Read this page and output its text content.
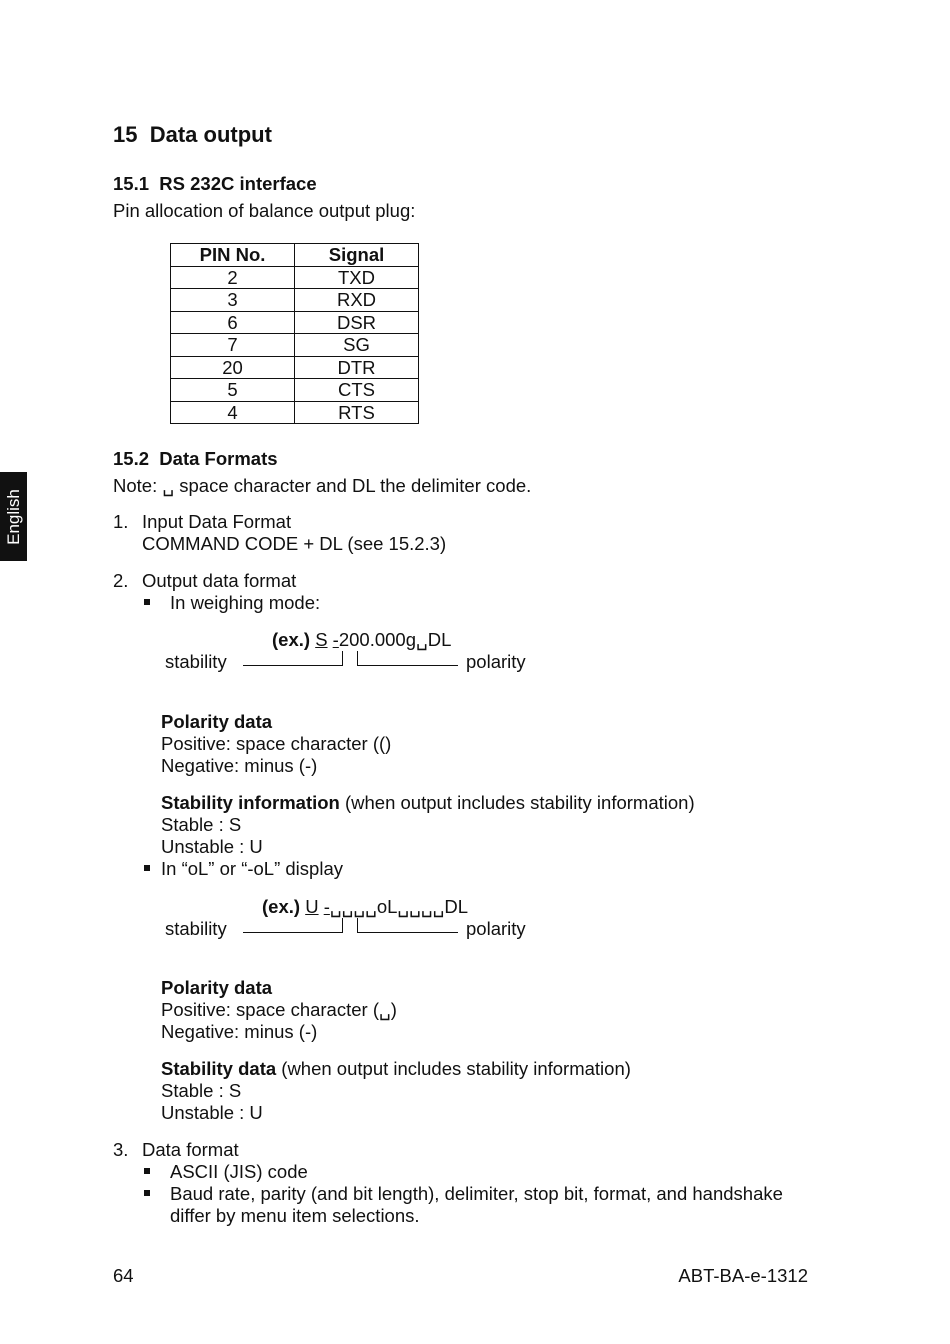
15 Data output
15.1 RS 232C interface
Pin allocation of balance output plug:
PIN No.	Signal
2	TXD
3	RXD
6	DSR
7	SG
20	DTR
5	CTS
4	RTS
15.2 Data Formats
Note: ␣ space character and DL the delimiter code.
1. Input Data Format
COMMAND CODE + DL (see 15.2.3)
2. Output data format
In weighing mode:
(ex.) S -200.000g␣DL
stability	polarity
Polarity data
Positive: space character (()
Negative: minus (-)
Stability information (when output includes stability information)
Stable : S
Unstable : U
In “oL” or “-oL” display
(ex.) U -␣␣␣␣oL␣␣␣␣DL
stability	polarity
Polarity data
Positive: space character (␣)
Negative: minus (-)
Stability data (when output includes stability information)
Stable : S
Unstable : U
3. Data format
ASCII (JIS) code
Baud rate, parity (and bit length), delimiter, stop bit, format, and handshake
differ by menu item selections.
64	ABT-BA-e-1312
English
